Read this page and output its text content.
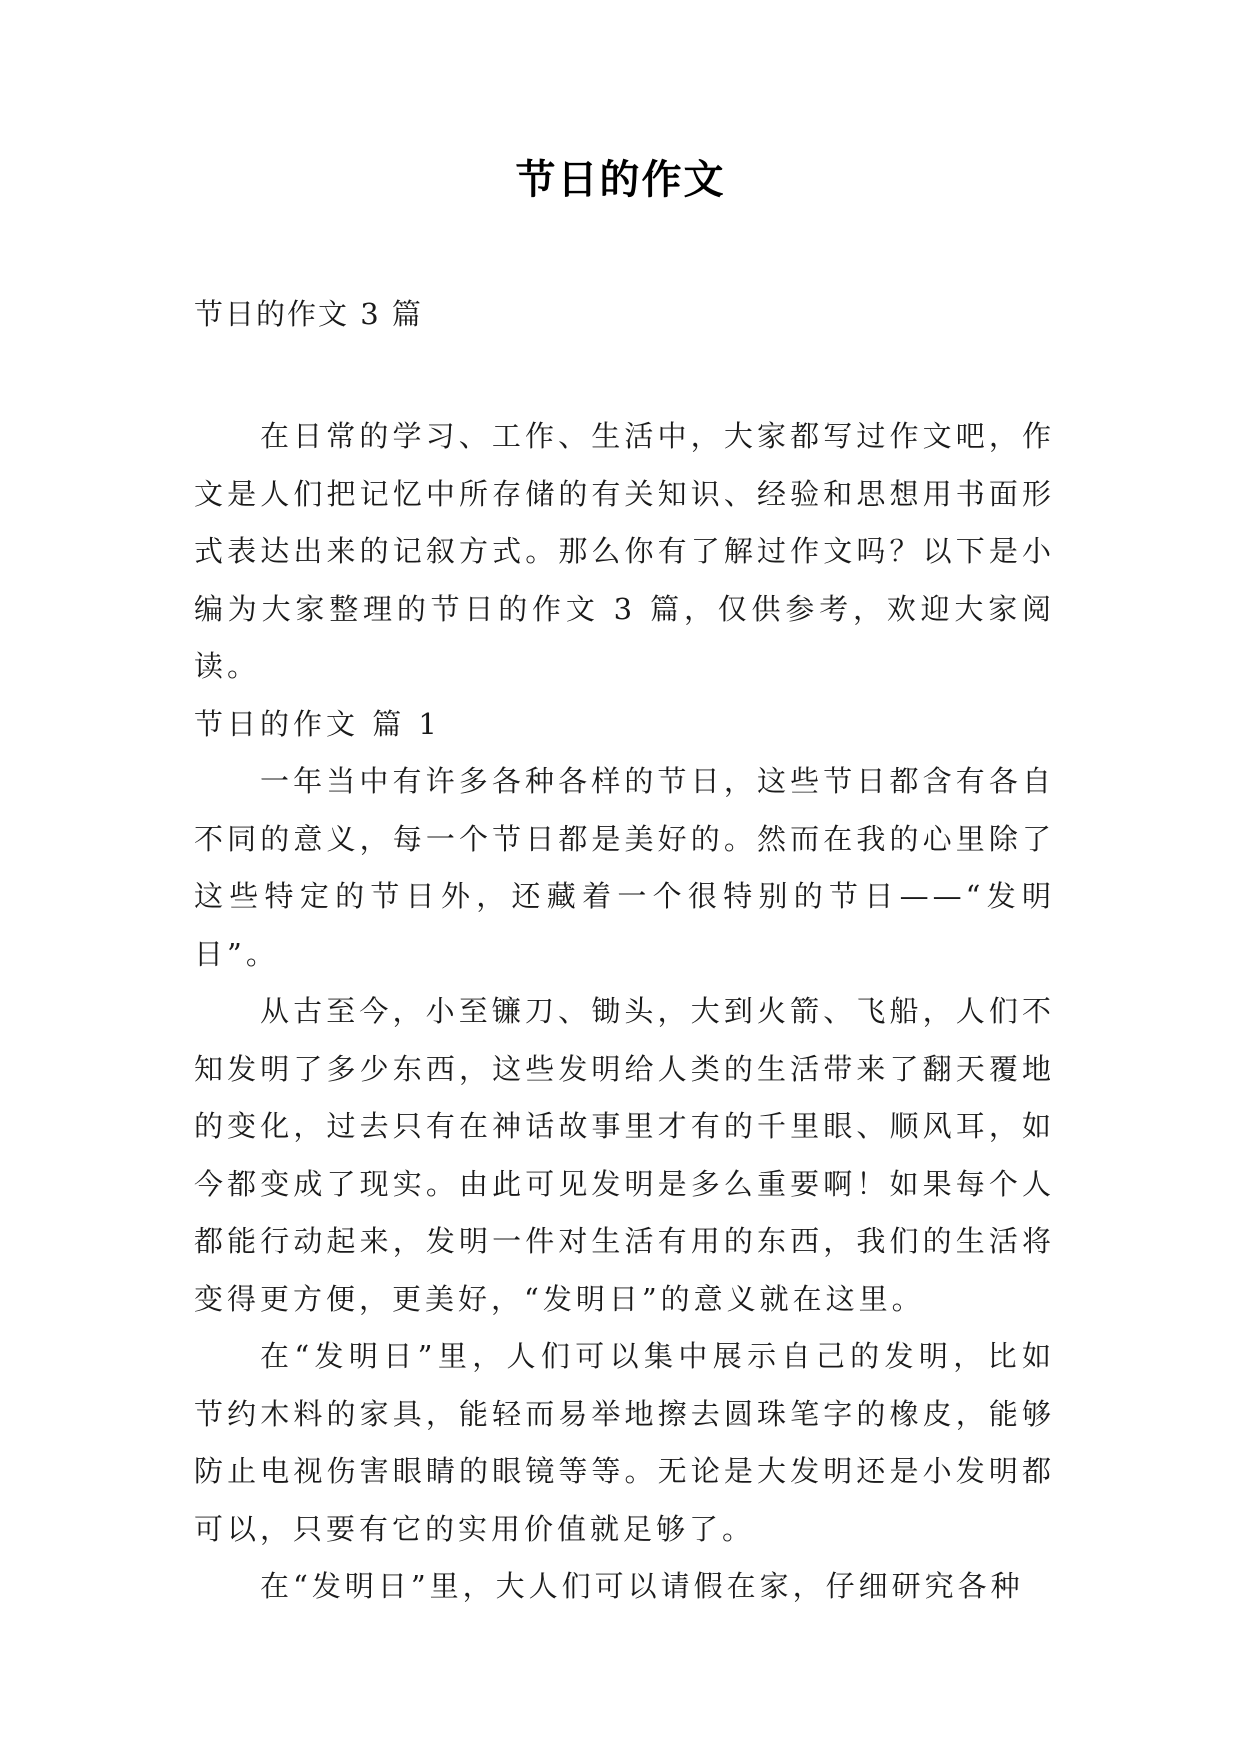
节日的作文
节日的作文 3 篇

在日常的学习、工作、生活中，大家都写过作文吧，作文是人们把记忆中所存储的有关知识、经验和思想用书面形式表达出来的记叙方式。那么你有了解过作文吗？以下是小编为大家整理的节日的作文 3 篇，仅供参考，欢迎大家阅读。

节日的作文 篇 1

一年当中有许多各种各样的节日，这些节日都含有各自不同的意义，每一个节日都是美好的。然而在我的心里除了这些特定的节日外，还藏着一个很特别的节日——“发明日”。

从古至今，小至镰刀、锄头，大到火箭、飞船，人们不知发明了多少东西，这些发明给人类的生活带来了翻天覆地的变化，过去只有在神话故事里才有的千里眼、顺风耳，如今都变成了现实。由此可见发明是多么重要啊！如果每个人都能行动起来，发明一件对生活有用的东西，我们的生活将变得更方便，更美好，“发明日”的意义就在这里。

在“发明日”里，人们可以集中展示自己的发明，比如节约木料的家具，能轻而易举地擦去圆珠笔字的橡皮，能够防止电视伤害眼睛的眼镜等等。无论是大发明还是小发明都可以，只要有它的实用价值就足够了。

在“发明日”里，大人们可以请假在家，仔细研究各种
